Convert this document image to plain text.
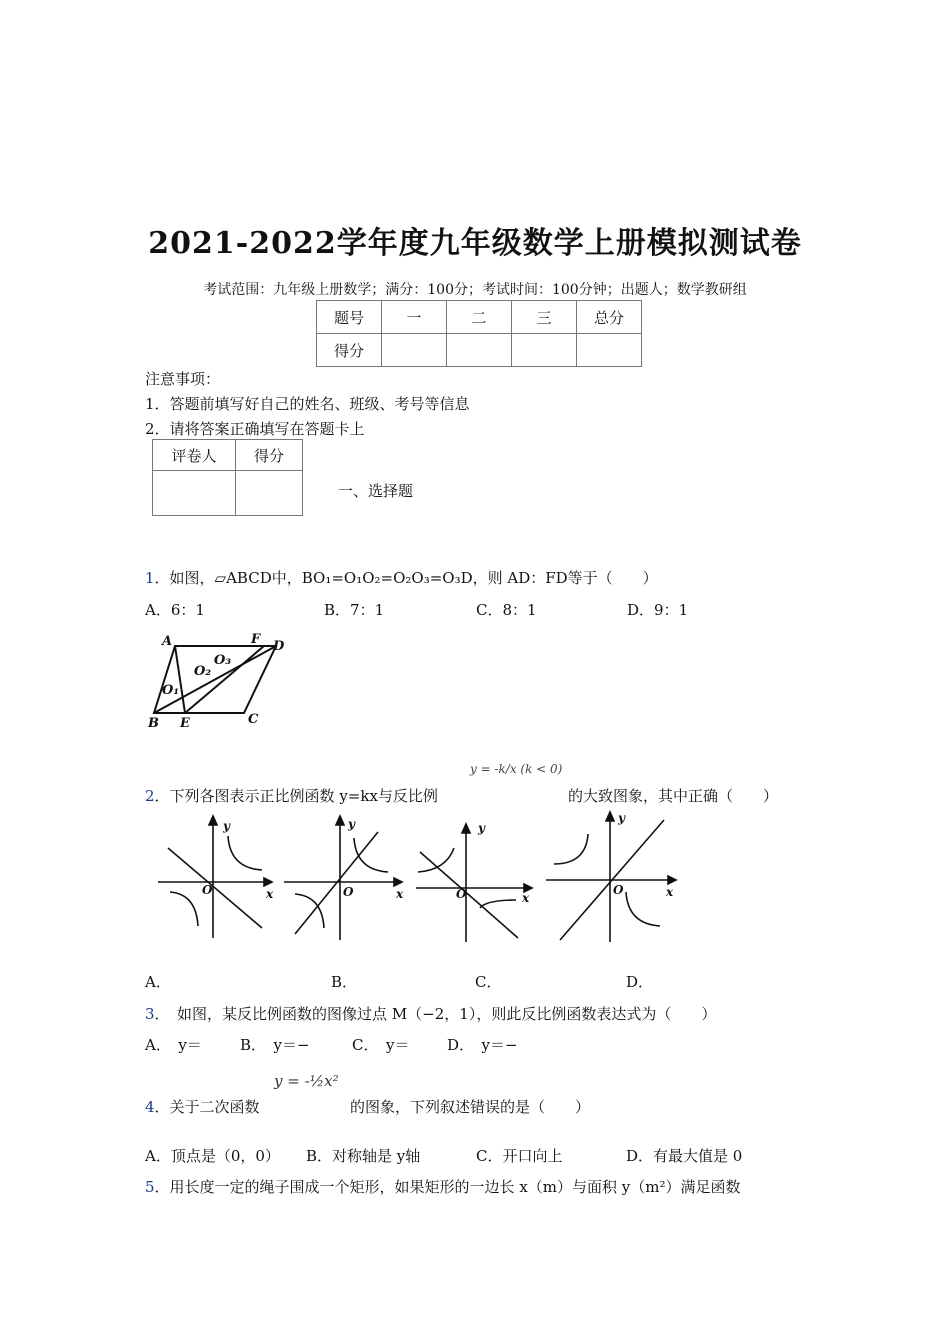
2021-2022学年度九年级数学上册模拟测试卷
考试范围：九年级上册数学；满分：100分；考试时间：100分钟；出题人；数学教研组
题号	一	二	三	总分
得分				
注意事项：
1．答题前填写好自己的姓名、班级、考号等信息
2．请将答案正确填写在答题卡上
评卷人	得分

一、选择题
1．如图，▱ABCD中，BO₁=O₁O₂=O₂O₃=O₃D，则 AD：FD等于（　　）
A．6：1	B．7：1	C．8：1	D．9：1
A	F D
O₃
O₂
O₁
B E	C
2．下列各图表示正比例函数 y=kx与反比例
y = -k/x (k < 0)
的大致图象，其中正确（　　）
y
x
O
y
x
O
y
x
O
y
x
O
A．	B．	C．	D．
3．　如图，某反比例函数的图像过点 M（−2，1），则此反比例函数表达式为（　　）
A．　y＝	B．　y＝−	C．　y＝	D．　y＝−
4．关于二次函数
y = -½x²
的图象，下列叙述错误的是（　　）
A．顶点是（0，0） B．对称轴是 y轴	C．开口向上	D．有最大值是 0
5．用长度一定的绳子围成一个矩形，如果矩形的一边长 x（m）与面积 y（m²）满足函数
